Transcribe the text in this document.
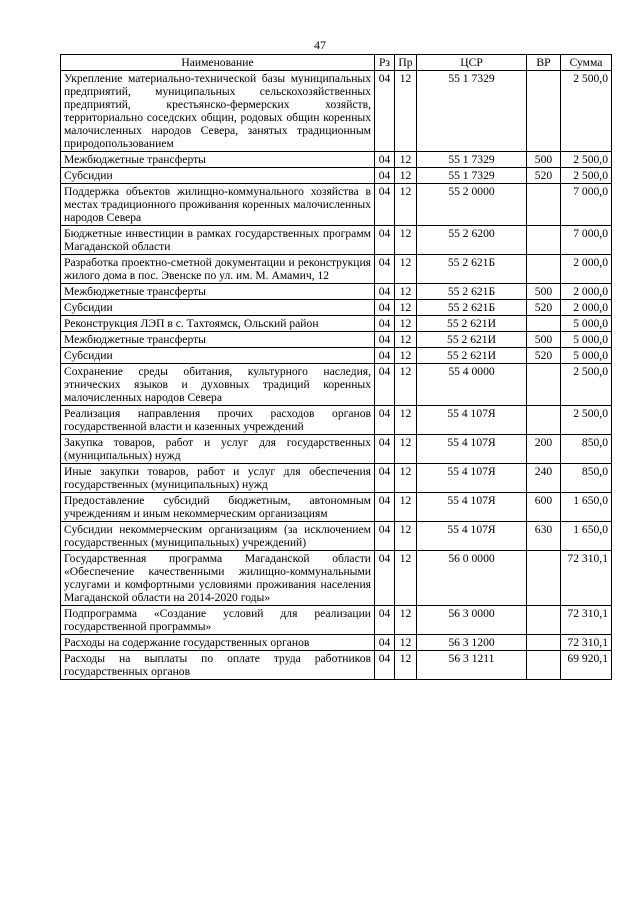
47
Наименование	Рз	Пр	ЦСР	ВР	Сумма
Укрепление материально-технической базы муниципальных предприятий, муниципальных сельскохозяйственных предприятий, крестьянско-фермерских хозяйств, территориально соседских общин, родовых общин коренных малочисленных народов Севера, занятых традиционным природопользованием	04	12	55 1 7329		2 500,0
Межбюджетные трансферты	04	12	55 1 7329	500	2 500,0
Субсидии	04	12	55 1 7329	520	2 500,0
Поддержка объектов жилищно-коммунального хозяйства в местах традиционного проживания коренных малочисленных народов Севера	04	12	55 2 0000		7 000,0
Бюджетные инвестиции в рамках государственных программ Магаданской области	04	12	55 2 6200		7 000,0
Разработка проектно-сметной документации и реконструкция жилого дома в пос. Эвенске по ул. им. М. Амамич, 12	04	12	55 2 621Б		2 000,0
Межбюджетные трансферты	04	12	55 2 621Б	500	2 000,0
Субсидии	04	12	55 2 621Б	520	2 000,0
Реконструкция ЛЭП в с. Тахтоямск, Ольский район	04	12	55 2 621И		5 000,0
Межбюджетные трансферты	04	12	55 2 621И	500	5 000,0
Субсидии	04	12	55 2 621И	520	5 000,0
Сохранение среды обитания, культурного наследия, этнических языков и духовных традиций коренных малочисленных народов Севера	04	12	55 4 0000		2 500,0
Реализация направления прочих расходов органов государственной власти и казенных учреждений	04	12	55 4 107Я		2 500,0
Закупка товаров, работ и услуг для государственных (муниципальных) нужд	04	12	55 4 107Я	200	850,0
Иные закупки товаров, работ и услуг для обеспечения государственных (муниципальных) нужд	04	12	55 4 107Я	240	850,0
Предоставление субсидий бюджетным, автономным учреждениям и иным некоммерческим организациям	04	12	55 4 107Я	600	1 650,0
Субсидии некоммерческим организациям (за исключением государственных (муниципальных) учреждений)	04	12	55 4 107Я	630	1 650,0
Государственная программа Магаданской области «Обеспечение качественными жилищно-коммунальными услугами и комфортными условиями проживания населения Магаданской области на 2014-2020 годы»	04	12	56 0 0000		72 310,1
Подпрограмма «Создание условий для реализации государственной программы»	04	12	56 3 0000		72 310,1
Расходы на содержание государственных органов	04	12	56 3 1200		72 310,1
Расходы на выплаты по оплате труда работников государственных органов	04	12	56 3 1211		69 920,1
